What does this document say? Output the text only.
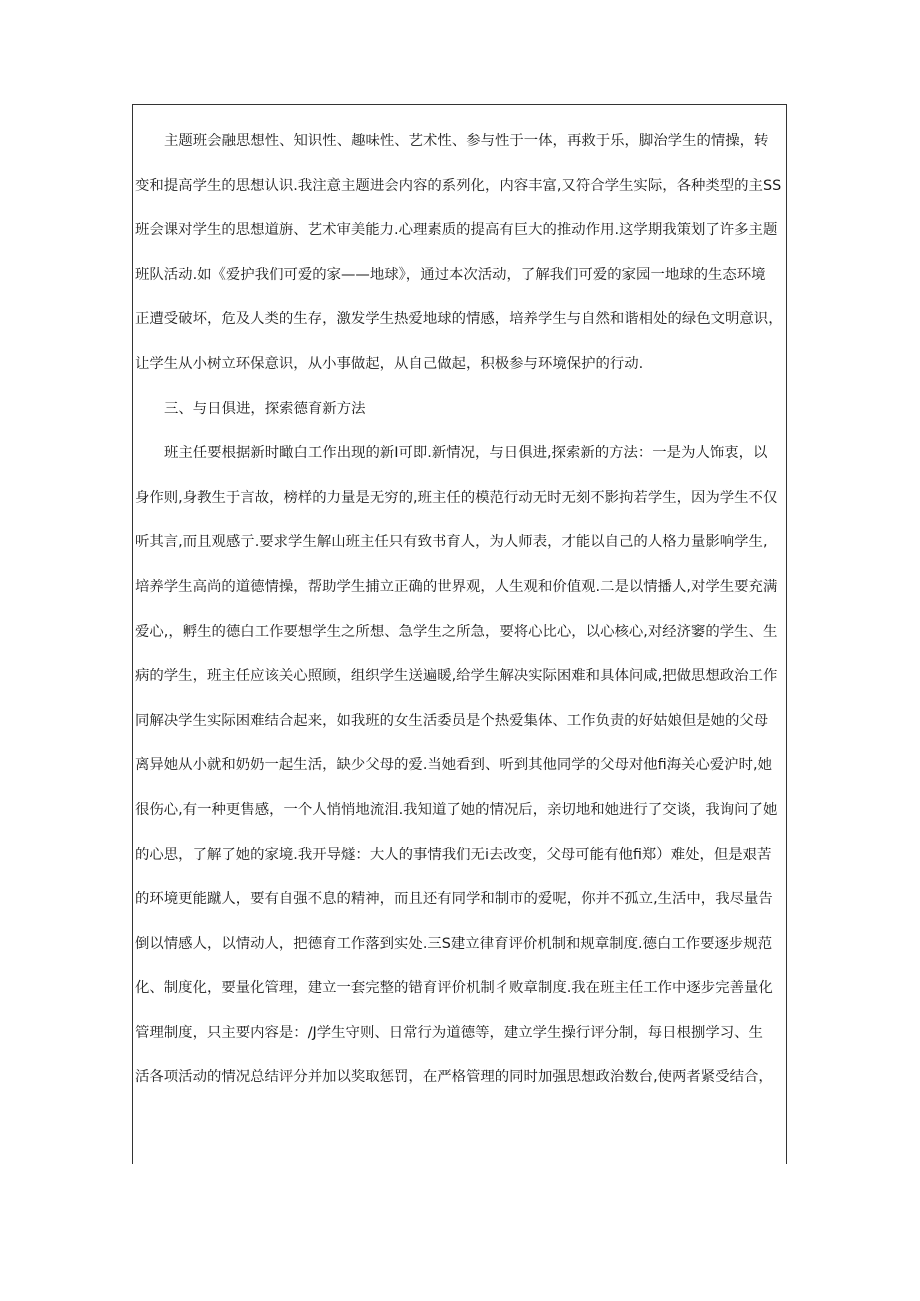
主题班会融思想性、知识性、趣味性、艺术性、参与性于一体，再救于乐，脚治学生的情操，转
变和提高学生的思想认识.我注意主题进会内容的系列化，内容丰富,又符合学生实际，各种类型的主SS
班会课对学生的思想道旃、艺术审美能力.心理素质的提高有巨大的推动作用.这学期我策划了许多主题
班队活动.如《爱护我们可爱的家——地球》，通过本次活动，了解我们可爱的家园一地球的生态环境
正遭受破坏，危及人类的生存，激发学生热爱地球的情感，培养学生与自然和谐相处的绿色文明意识，
让学生从小树立环保意识，从小事做起，从自己做起，积极参与环境保护的行动.
三、与日俱进，探索德育新方法
班主任要根据新时瞰白工作出现的新I可即.新情况，与日俱进,探索新的方法：一是为人饰衷，以
身作则,身教生于言故，榜样的力量是无穷的,班主任的模范行动无时无刻不影拘若学生，因为学生不仅
听其言,而且观感亍.要求学生解山班主任只有致书育人，为人师表，才能以自己的人格力量影响学生,
培养学生高尚的道德情操，帮助学生捕立正确的世界观，人生观和价值观.二是以情播人,对学生要充满
爱心,，孵生的德白工作要想学生之所想、急学生之所急，要将心比心，以心核心,对经济窭的学生、生
病的学生，班主任应该关心照顾，组织学生送遍暖,给学生解决实际困难和具体问咸,把做思想政治工作
同解决学生实际困难结合起来，如我班的女生活委员是个热爱集体、工作负责的好姑娘但是她的父母
离异她从小就和奶奶一起生活，缺少父母的爱.当她看到、听到其他同学的父母对他fi海关心爱沪时,她
很伤心,有一种更售感，一个人悄悄地流泪.我知道了她的情况后，亲切地和她进行了交谈，我询问了她
的心思，了解了她的家境.我开导燧：大人的事情我们无i去改变，父母可能有他fi郑）难处，但是艰苦
的环境更能蹴人，要有自强不息的精神，而且还有同学和制市的爱呢，你并不孤立,生活中，我尽量告
倒以情感人，以情动人，把德育工作落到实处.三S建立律育评价机制和规章制度.德白工作要逐步规范
化、制度化，要量化管理，建立一套完整的错育评价机制彳败章制度.我在班主任工作中逐步完善量化
管理制度，只主要内容是：/J学生守则、日常行为道德等，建立学生操行评分制，每日根捌学习、生
活各项活动的情况总结评分并加以奖取惩罚，在严格管理的同时加强思想政治数台,使两者紧受结合，
